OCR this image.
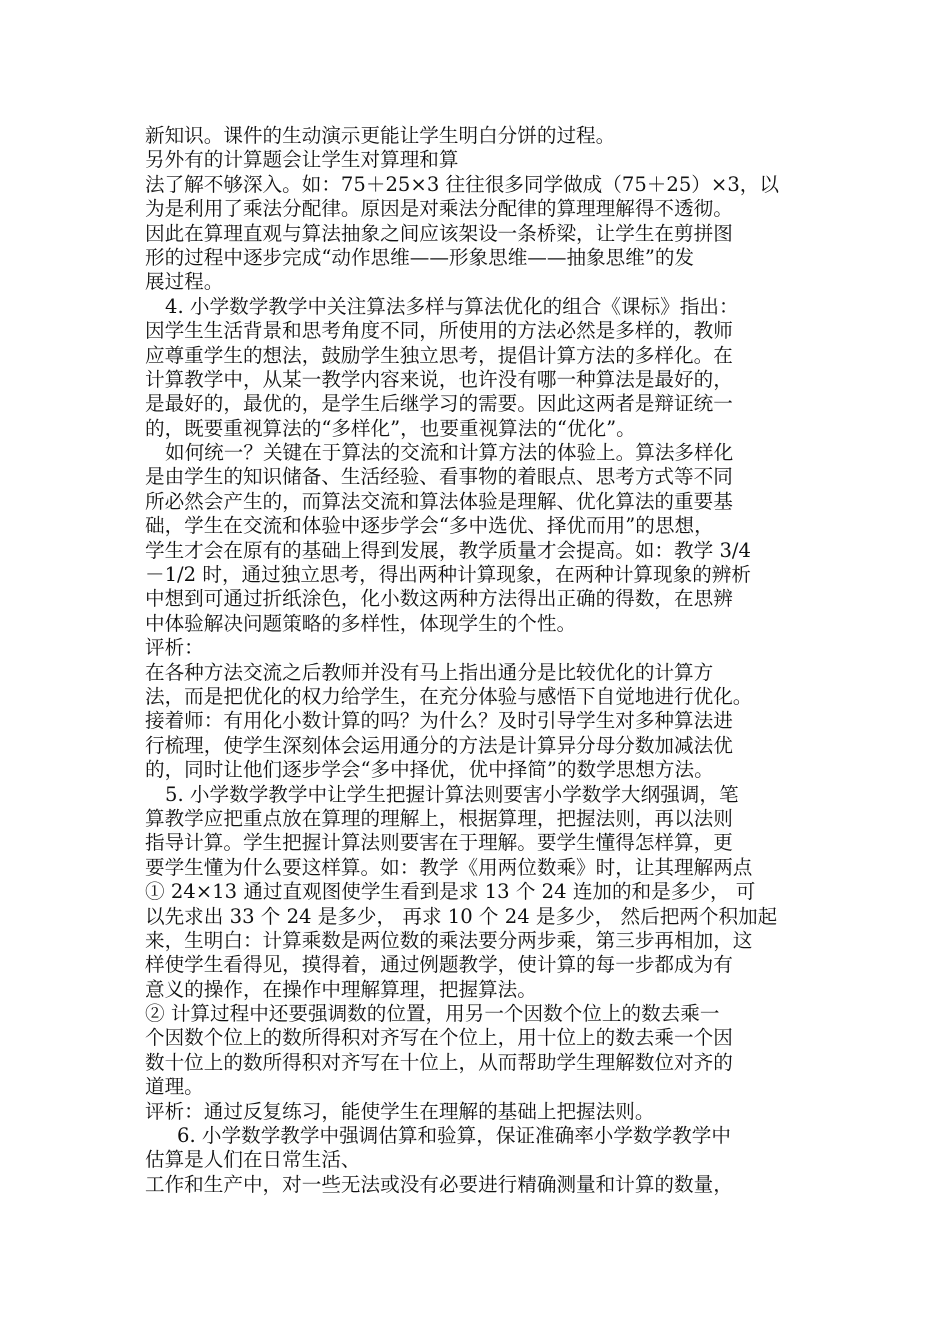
新知识。课件的生动演示更能让学生明白分饼的过程。
另外有的计算题会让学生对算理和算
法了解不够深入。如：75＋25×3 往往很多同学做成（75＋25）×3，以
为是利用了乘法分配律。原因是对乘法分配律的算理理解得不透彻。
因此在算理直观与算法抽象之间应该架设一条桥梁，让学生在剪拼图
形的过程中逐步完成“动作思维——形象思维——抽象思维”的发
展过程。
4. 小学数学教学中关注算法多样与算法优化的组合《课标》指出：
因学生生活背景和思考角度不同，所使用的方法必然是多样的，教师
应尊重学生的想法，鼓励学生独立思考，提倡计算方法的多样化。在
计算教学中，从某一教学内容来说，也许没有哪一种算法是最好的，
是最好的，最优的，是学生后继学习的需要。因此这两者是辩证统一
的，既要重视算法的“多样化”，也要重视算法的“优化”。
如何统一？关键在于算法的交流和计算方法的体验上。算法多样化
是由学生的知识储备、生活经验、看事物的着眼点、思考方式等不同
所必然会产生的，而算法交流和算法体验是理解、优化算法的重要基
础，学生在交流和体验中逐步学会“多中选优、择优而用”的思想，
学生才会在原有的基础上得到发展，教学质量才会提高。如：教学 3/4
－1/2 时，通过独立思考，得出两种计算现象，在两种计算现象的辨析
中想到可通过折纸涂色，化小数这两种方法得出正确的得数，在思辨
中体验解决问题策略的多样性，体现学生的个性。
评析：
在各种方法交流之后教师并没有马上指出通分是比较优化的计算方
法，而是把优化的权力给学生，在充分体验与感悟下自觉地进行优化。
接着师：有用化小数计算的吗？为什么？及时引导学生对多种算法进
行梳理，使学生深刻体会运用通分的方法是计算异分母分数加减法优
的，同时让他们逐步学会“多中择优，优中择简”的数学思想方法。
5. 小学数学教学中让学生把握计算法则要害小学数学大纲强调，笔
算教学应把重点放在算理的理解上，根据算理，把握法则，再以法则
指导计算。学生把握计算法则要害在于理解。要学生懂得怎样算，更
要学生懂为什么要这样算。如：教学《用两位数乘》时，让其理解两点
① 24×13 通过直观图使学生看到是求 13 个 24 连加的和是多少， 可
以先求出 33 个 24 是多少， 再求 10 个 24 是多少， 然后把两个积加起
来，生明白：计算乘数是两位数的乘法要分两步乘，第三步再相加，这
样使学生看得见，摸得着，通过例题教学，使计算的每一步都成为有
意义的操作，在操作中理解算理，把握算法。
② 计算过程中还要强调数的位置，用另一个因数个位上的数去乘一
个因数个位上的数所得积对齐写在个位上，用十位上的数去乘一个因
数十位上的数所得积对齐写在十位上，从而帮助学生理解数位对齐的
道理。
评析：通过反复练习，能使学生在理解的基础上把握法则。
6. 小学数学教学中强调估算和验算，保证准确率小学数学教学中
估算是人们在日常生活、
工作和生产中，对一些无法或没有必要进行精确测量和计算的数量，
